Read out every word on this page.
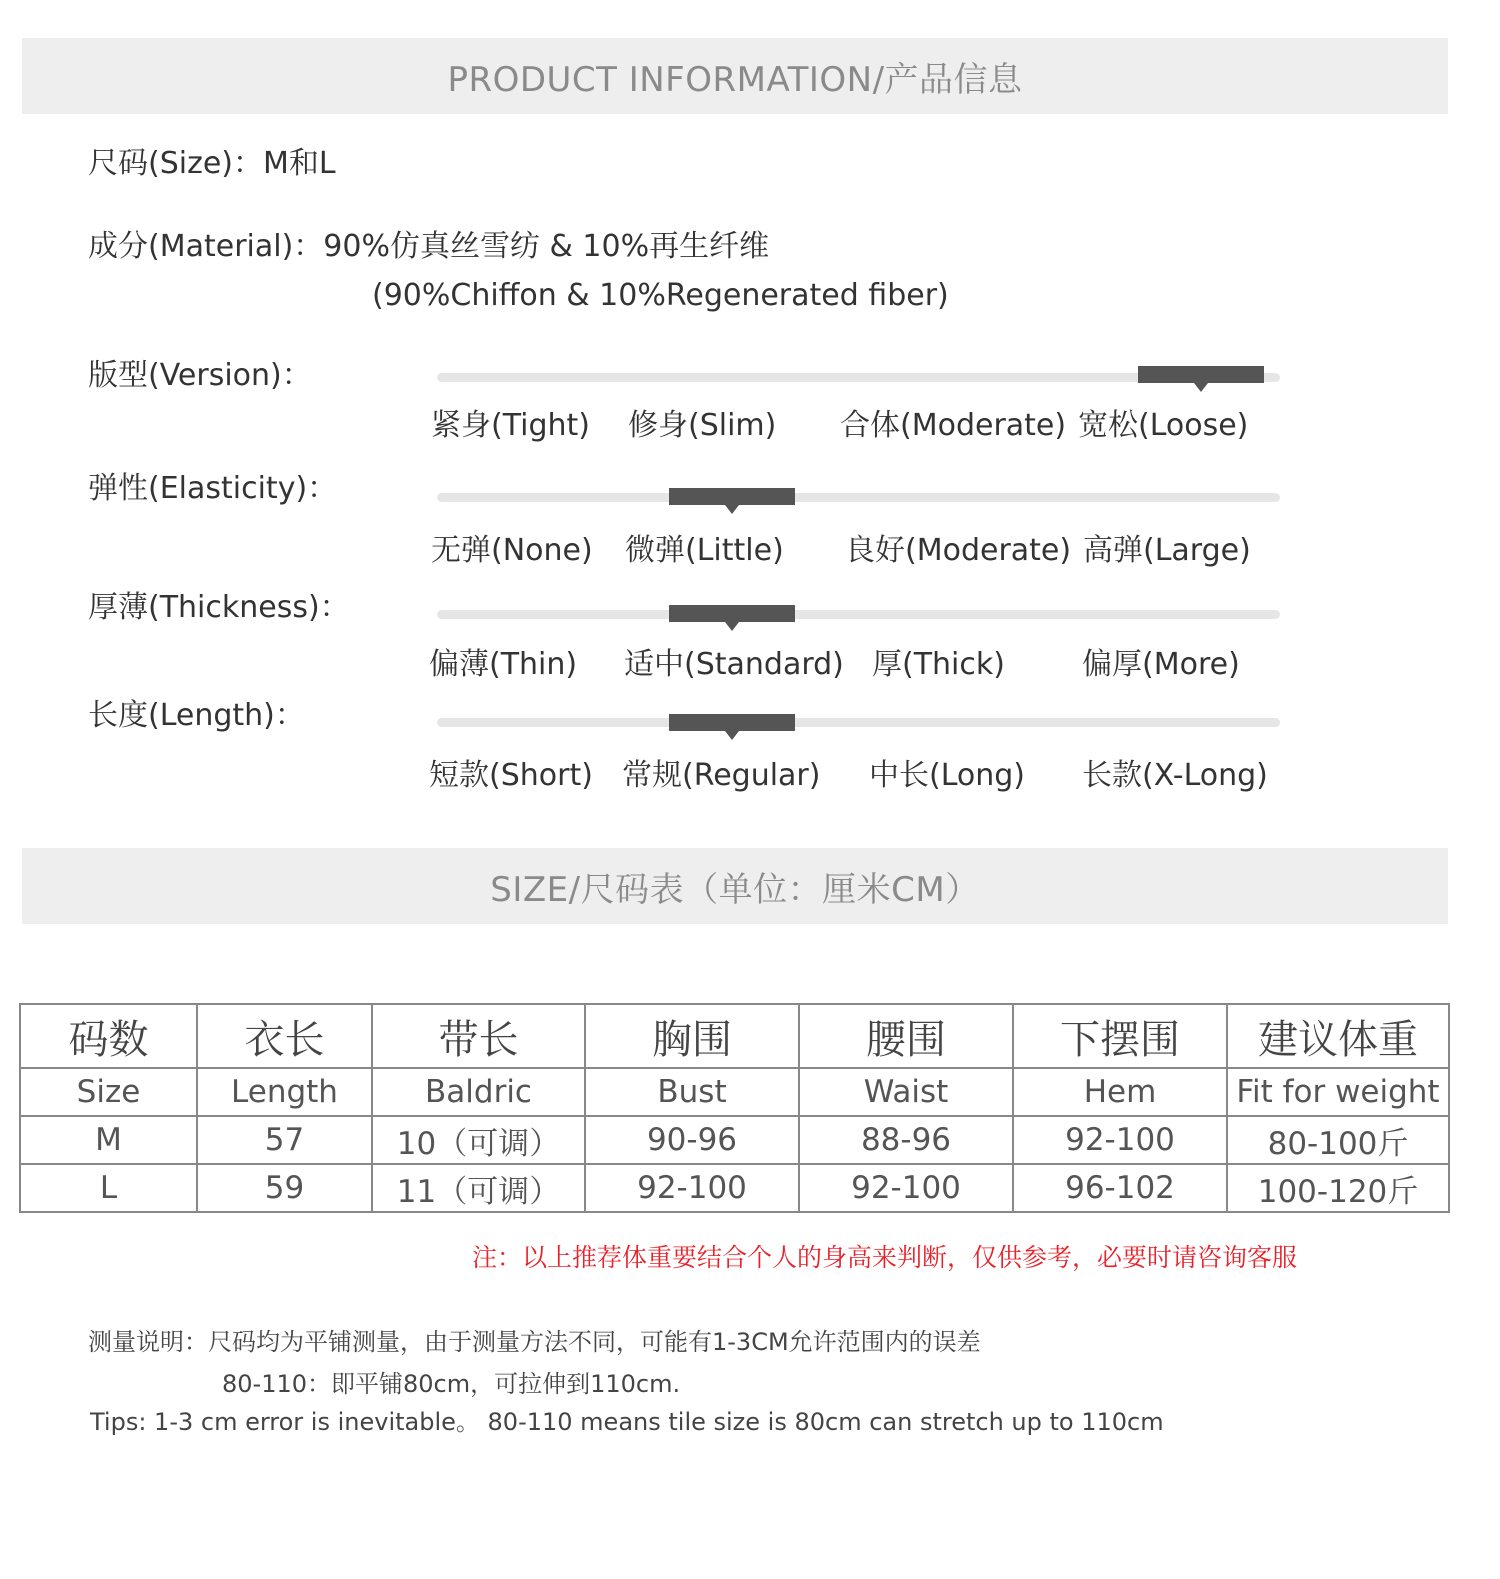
PRODUCT INFORMATION/产品信息
尺码(Size)：M和L
成分(Material)：90%仿真丝雪纺 & 10%再生纤维
(90%Chiffon & 10%Regenerated fiber)
版型(Version)：
紧身(Tight) 修身(Slim) 合体(Moderate) 宽松(Loose)
弹性(Elasticity)：
无弹(None) 微弹(Little) 良好(Moderate) 高弹(Large)
厚薄(Thickness)：
偏薄(Thin) 适中(Standard) 厚(Thick)	偏厚(More)
长度(Length)：
短款(Short) 常规(Regular) 中长(Long) 长款(X-Long)
SIZE/尺码表（单位：厘米CM）
码数	衣长	带长	胸围	腰围	下摆围	建议体重
Size	Length	Baldric	Bust	Waist	Hem	Fit for weight
M	57	10（可调）	90-96	88-96	92-100	80-100斤
L	59	11（可调）	92-100	92-100	96-102	100-120斤
注：以上推荐体重要结合个人的身高来判断，仅供参考，必要时请咨询客服
测量说明：尺码均为平铺测量，由于测量方法不同，可能有1-3CM允许范围内的误差
80-110：即平铺80cm，可拉伸到110cm.
Tips: 1-3 cm error is inevitable。 80-110 means tile size is 80cm can stretch up to 110cm
